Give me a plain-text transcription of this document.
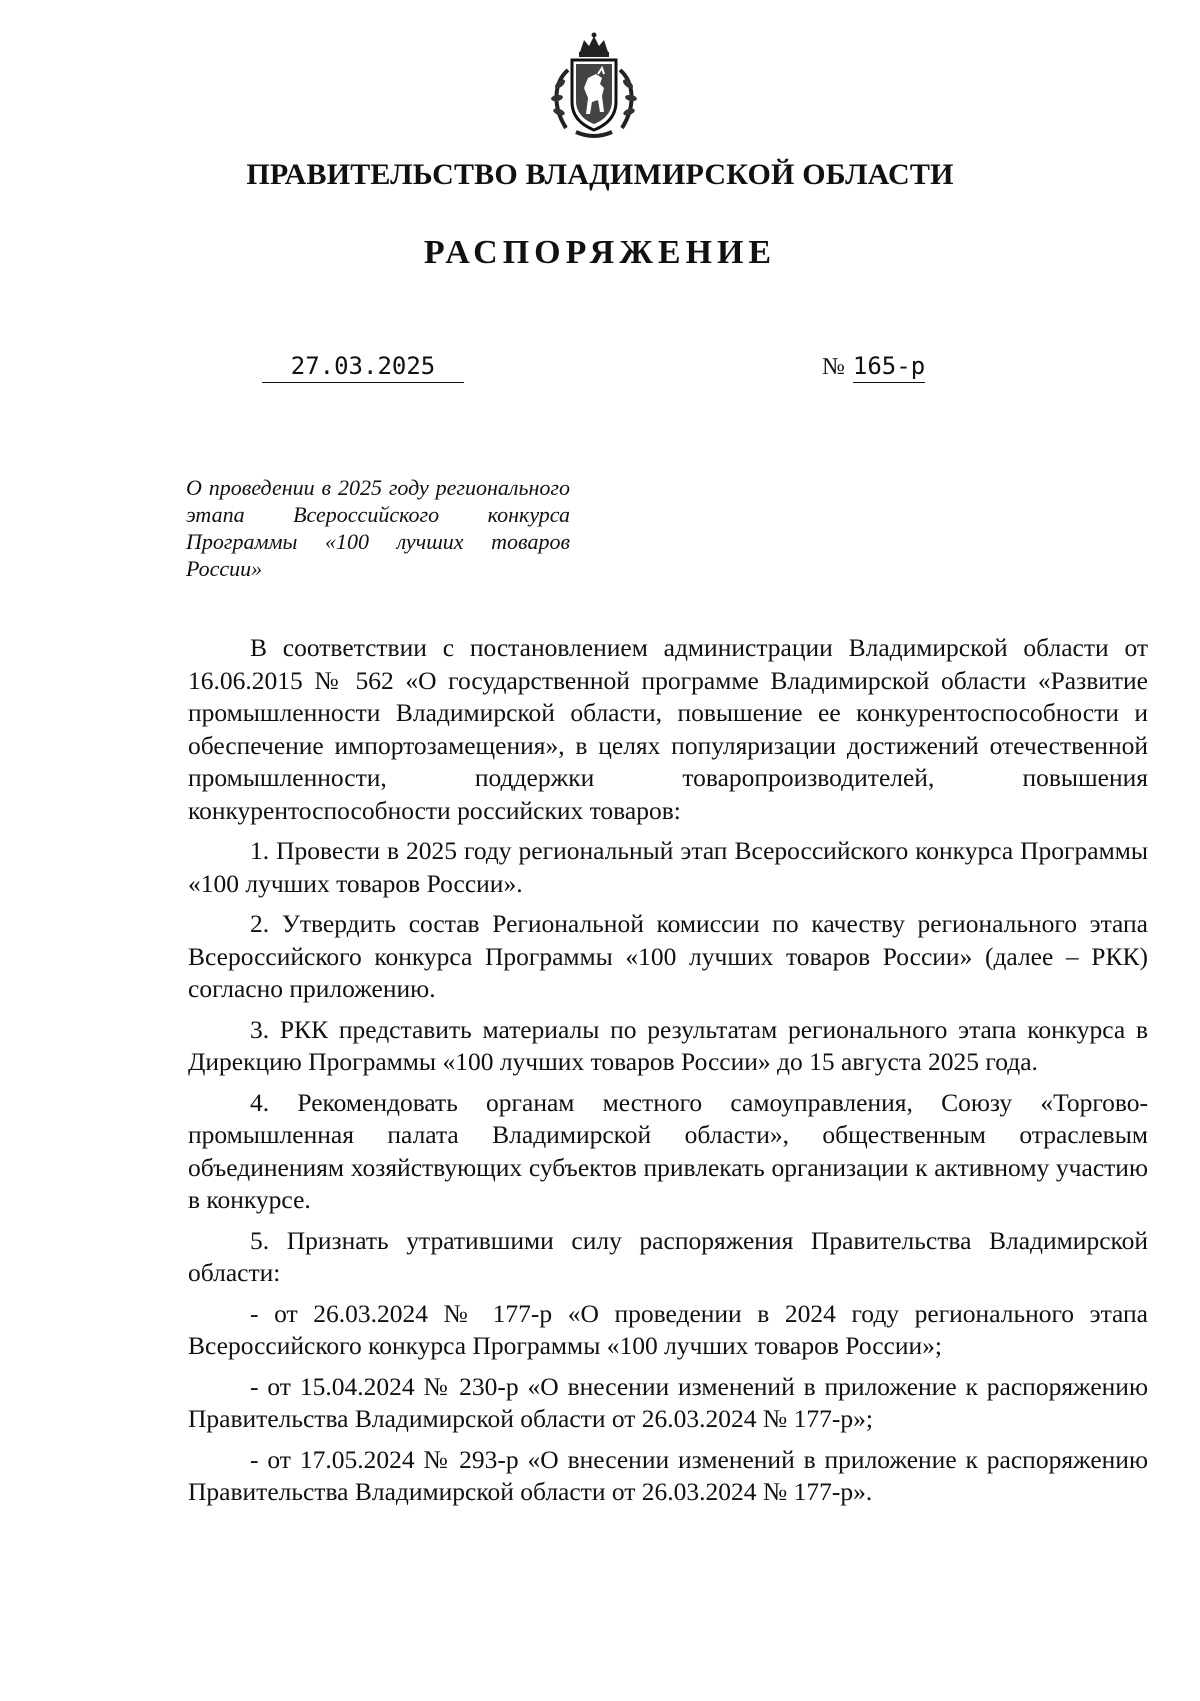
ПРАВИТЕЛЬСТВО ВЛАДИМИРСКОЙ ОБЛАСТИ
РАСПОРЯЖЕНИЕ
27.03.2025	№ 165-р
О проведении в 2025 году регионального этапа Всероссийского конкурса Программы «100 лучших товаров России»

В соответствии с постановлением администрации Владимирской области от 16.06.2015 № 562 «О государственной программе Владимирской области «Развитие промышленности Владимирской области, повышение ее конкурентоспособности и обеспечение импортозамещения», в целях популяризации достижений отечественной промышленности, поддержки товаропроизводителей, повышения конкурентоспособности российских товаров:

1. Провести в 2025 году региональный этап Всероссийского конкурса Программы «100 лучших товаров России».

2. Утвердить состав Региональной комиссии по качеству регионального этапа Всероссийского конкурса Программы «100 лучших товаров России» (далее – РКК) согласно приложению.

3. РКК представить материалы по результатам регионального этапа конкурса в Дирекцию Программы «100 лучших товаров России» до 15 августа 2025 года.

4. Рекомендовать органам местного самоуправления, Союзу «Торгово-промышленная палата Владимирской области», общественным отраслевым объединениям хозяйствующих субъектов привлекать организации к активному участию в конкурсе.

5. Признать утратившими силу распоряжения Правительства Владимирской области:

- от 26.03.2024 № 177-р «О проведении в 2024 году регионального этапа Всероссийского конкурса Программы «100 лучших товаров России»;

- от 15.04.2024 № 230-р «О внесении изменений в приложение к распоряжению Правительства Владимирской области от 26.03.2024 № 177-р»;

- от 17.05.2024 № 293-р «О внесении изменений в приложение к распоряжению Правительства Владимирской области от 26.03.2024 № 177-р».
